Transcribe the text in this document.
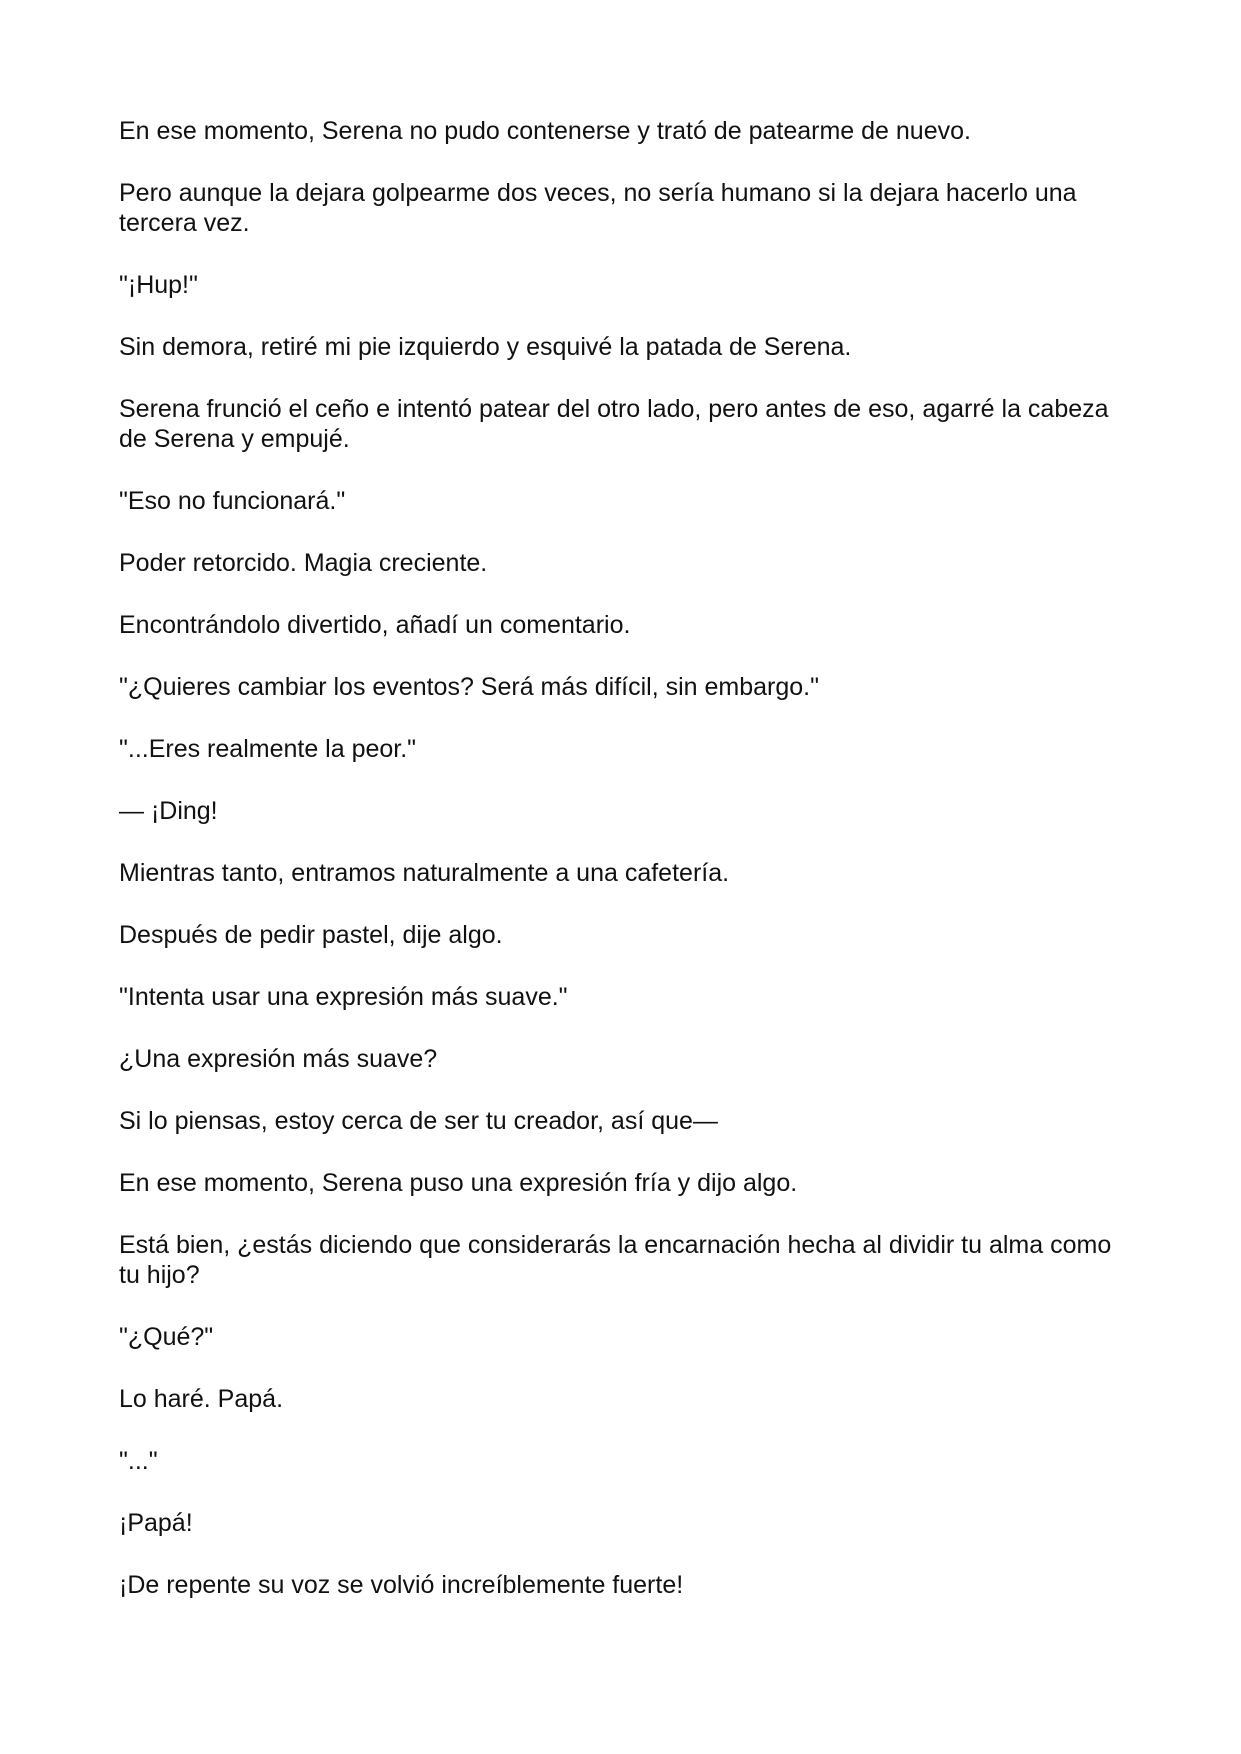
En ese momento, Serena no pudo contenerse y trató de patearme de nuevo.

Pero aunque la dejara golpearme dos veces, no sería humano si la dejara hacerlo una tercera vez.

"¡Hup!"

Sin demora, retiré mi pie izquierdo y esquivé la patada de Serena.

Serena frunció el ceño e intentó patear del otro lado, pero antes de eso, agarré la cabeza de Serena y empujé.

"Eso no funcionará."

Poder retorcido. Magia creciente.

Encontrándolo divertido, añadí un comentario.

"¿Quieres cambiar los eventos? Será más difícil, sin embargo."

"...Eres realmente la peor."

— ¡Ding!

Mientras tanto, entramos naturalmente a una cafetería.

Después de pedir pastel, dije algo.

"Intenta usar una expresión más suave."

¿Una expresión más suave?

Si lo piensas, estoy cerca de ser tu creador, así que—

En ese momento, Serena puso una expresión fría y dijo algo.

Está bien, ¿estás diciendo que considerarás la encarnación hecha al dividir tu alma como tu hijo?

"¿Qué?"

Lo haré. Papá.

"..."

¡Papá!

¡De repente su voz se volvió increíblemente fuerte!
